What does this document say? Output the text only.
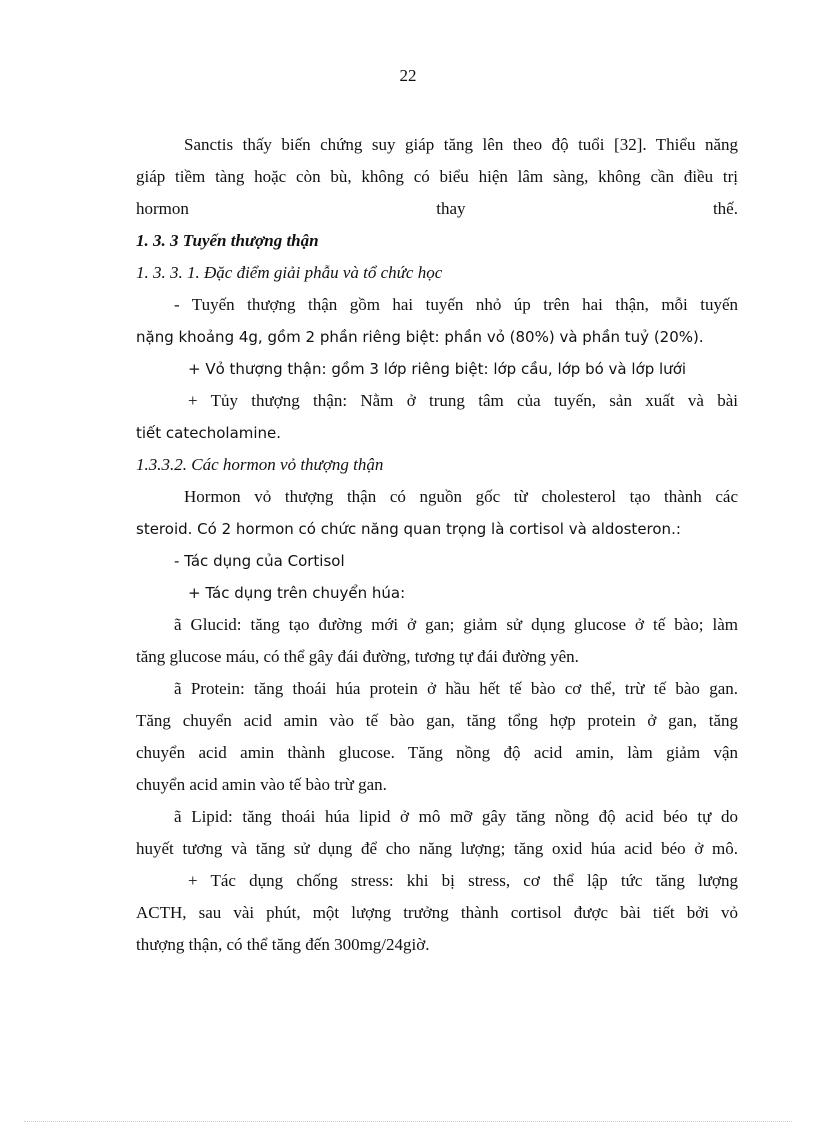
22
Sanctis thấy biến chứng suy giáp tăng lên theo độ tuổi [32]. Thiểu năng
giáp tiềm tàng hoặc còn bù, không có biểu hiện lâm sàng, không cần điều trị
hormon	thay	thế.
1. 3. 3 Tuyến thượng thận
1. 3. 3. 1. Đặc điểm giải phẫu và tổ chức học
- Tuyến thượng thận gồm hai tuyến nhỏ úp trên hai thận, mỗi tuyến
nặng khoảng 4g, gồm 2 phần riêng biệt: phần vỏ (80%) và phần tuỷ (20%).
+ Vỏ thượng thận: gồm 3 lớp riêng biệt: lớp cầu, lớp bó và lớp lưới
+ Tủy thượng thận: Nằm ở trung tâm của tuyến, sản xuất và bài
tiết catecholamine.
1.3.3.2. Các hormon vỏ thượng thận
Hormon vỏ thượng thận có nguồn gốc từ cholesterol tạo thành các
steroid. Có 2 hormon có chức năng quan trọng là cortisol và aldosteron.:
- Tác dụng của Cortisol
+ Tác dụng trên chuyển húa:
ã Glucid: tăng tạo đường mới ở gan; giảm sử dụng glucose ở tế bào; làm
tăng glucose máu, có thể gây đái đường, tương tự đái đường yên.
ã Protein: tăng thoái húa protein ở hầu hết tế bào cơ thể, trừ tế bào gan.
Tăng chuyển acid amin vào tế bào gan, tăng tổng hợp protein ở gan, tăng
chuyển acid amin thành glucose. Tăng nồng độ acid amin, làm giảm vận
chuyển acid amin vào tế bào trừ gan.
ã Lipid: tăng thoái húa lipid ở mô mỡ gây tăng nồng độ acid béo tự do
huyết tương và tăng sử dụng để cho năng lượng; tăng oxid húa acid béo ở mô.
+ Tác dụng chống stress: khi bị stress, cơ thể lập tức tăng lượng
ACTH, sau vài phút, một lượng trưởng thành cortisol được bài tiết bởi vỏ
thượng thận, có thể tăng đến 300mg/24giờ.
